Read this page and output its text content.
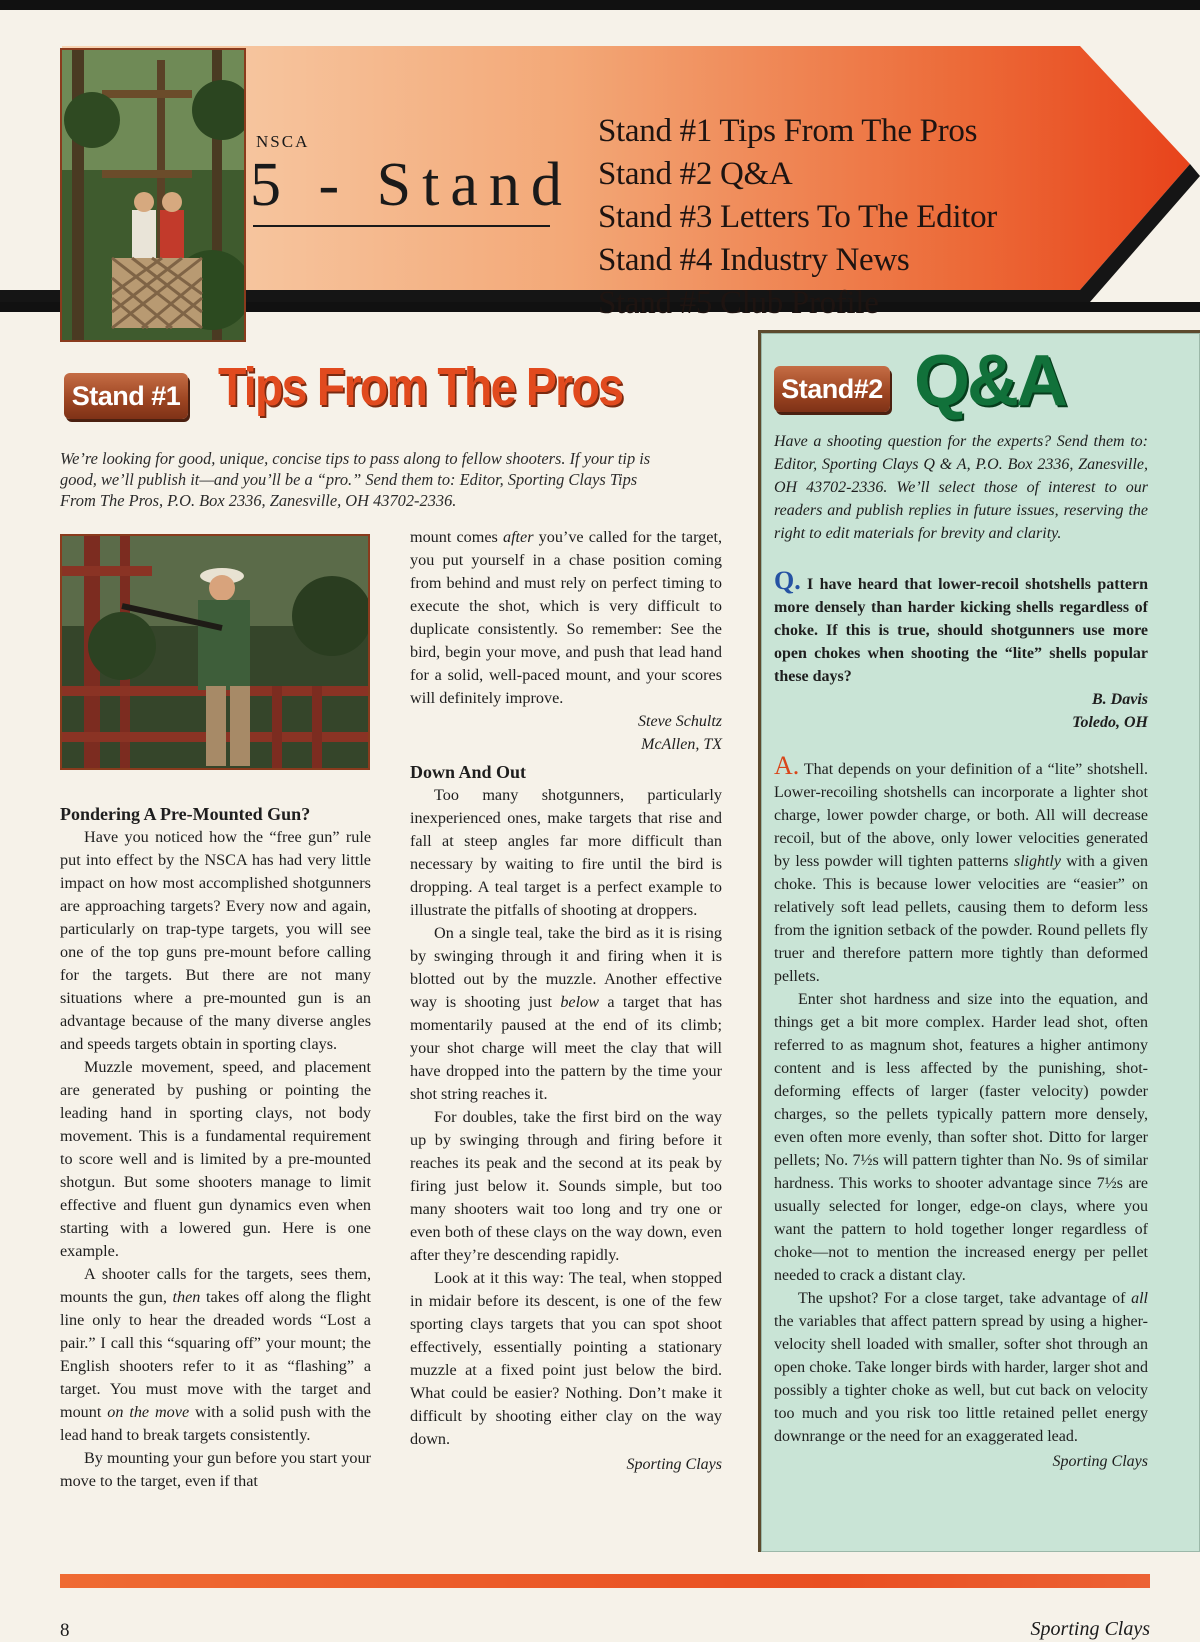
NSCA
5 - Stand
Stand #1 Tips From The Pros
Stand #2 Q&A
Stand #3 Letters To The Editor
Stand #4 Industry News
Stand #5 Club Profile
Stand #1 Tips From The Pros

We’re looking for good, unique, concise tips to pass along to fellow shooters. If your tip is good, we’ll publish it—and you’ll be a “pro.” Send them to: Editor, Sporting Clays Tips From The Pros, P.O. Box 2336, Zanesville, OH 43702-2336.

Pondering A Pre-Mounted Gun?

Have you noticed how the “free gun” rule put into effect by the NSCA has had very little impact on how most accomplished shotgunners are approaching targets? Every now and again, particularly on trap-type targets, you will see one of the top guns pre-mount before calling for the targets. But there are not many situations where a pre-mounted gun is an advantage because of the many diverse angles and speeds targets obtain in sporting clays.

Muzzle movement, speed, and placement are generated by pushing or pointing the leading hand in sporting clays, not body movement. This is a fundamental requirement to score well and is limited by a pre-mounted shotgun. But some shooters manage to limit effective and fluent gun dynamics even when starting with a lowered gun. Here is one example.

A shooter calls for the targets, sees them, mounts the gun, then takes off along the flight line only to hear the dreaded words “Lost a pair.” I call this “squaring off” your mount; the English shooters refer to it as “flashing” a target. You must move with the target and mount on the move with a solid push with the lead hand to break targets consistently.

By mounting your gun before you start your move to the target, even if that

mount comes after you’ve called for the target, you put yourself in a chase position coming from behind and must rely on perfect timing to execute the shot, which is very difficult to duplicate consistently. So remember: See the bird, begin your move, and push that lead hand for a solid, well-paced mount, and your scores will definitely improve.

Steve Schultz
McAllen, TX
Down And Out

Too many shotgunners, particularly inexperienced ones, make targets that rise and fall at steep angles far more difficult than necessary by waiting to fire until the bird is dropping. A teal target is a perfect example to illustrate the pitfalls of shooting at droppers.

On a single teal, take the bird as it is rising by swinging through it and firing when it is blotted out by the muzzle. Another effective way is shooting just below a target that has momentarily paused at the end of its climb; your shot charge will meet the clay that will have dropped into the pattern by the time your shot string reaches it.

For doubles, take the first bird on the way up by swinging through and firing before it reaches its peak and the second at its peak by firing just below it. Sounds simple, but too many shooters wait too long and try one or even both of these clays on the way down, even after they’re descending rapidly.

Look at it this way: The teal, when stopped in midair before its descent, is one of the few sporting clays targets that you can spot shoot effectively, essentially pointing a stationary muzzle at a fixed point just below the bird. What could be easier? Nothing. Don’t make it difficult by shooting either clay on the way down.

Sporting Clays
Stand#2 Q&A

Have a shooting question for the experts? Send them to: Editor, Sporting Clays Q & A, P.O. Box 2336, Zanesville, OH 43702-2336. We’ll select those of interest to our readers and publish replies in future issues, reserving the right to edit materials for brevity and clarity.

Q. I have heard that lower-recoil shotshells pattern more densely than harder kicking shells regardless of choke. If this is true, should shotgunners use more open chokes when shooting the “lite” shells popular these days?

B. Davis
Toledo, OH

A. That depends on your definition of a “lite” shotshell. Lower-recoiling shotshells can incorporate a lighter shot charge, lower powder charge, or both. All will decrease recoil, but of the above, only lower velocities generated by less powder will tighten patterns slightly with a given choke. This is because lower velocities are “easier” on relatively soft lead pellets, causing them to deform less from the ignition setback of the powder. Round pellets fly truer and therefore pattern more tightly than deformed pellets.

Enter shot hardness and size into the equation, and things get a bit more complex. Harder lead shot, often referred to as magnum shot, features a higher antimony content and is less affected by the punishing, shot-deforming effects of larger (faster velocity) powder charges, so the pellets typically pattern more densely, even often more evenly, than softer shot. Ditto for larger pellets; No. 7½s will pattern tighter than No. 9s of similar hardness. This works to shooter advantage since 7½s are usually selected for longer, edge-on clays, where you want the pattern to hold together longer regardless of choke—not to mention the increased energy per pellet needed to crack a distant clay.

The upshot? For a close target, take advantage of all the variables that affect pattern spread by using a higher-velocity shell loaded with smaller, softer shot through an open choke. Take longer birds with harder, larger shot and possibly a tighter choke as well, but cut back on velocity too much and you risk too little retained pellet energy downrange or the need for an exaggerated lead.

Sporting Clays
8	Sporting Clays
